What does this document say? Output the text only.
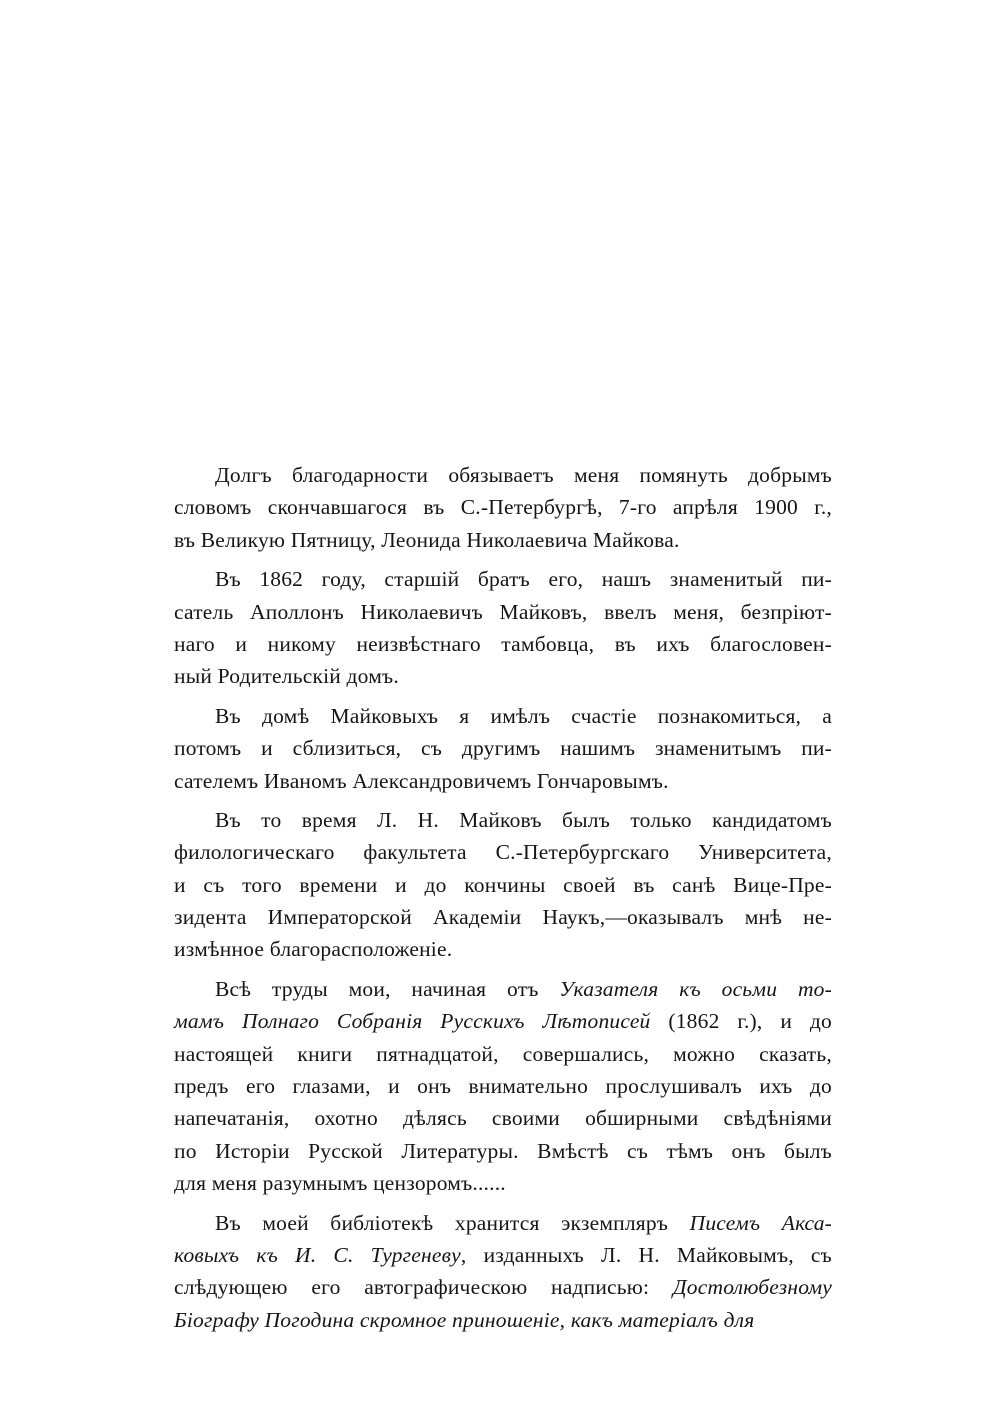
Долгъ благодарности обязываетъ меня помянуть добрымъ
словомъ скончавшагося въ С.-Петербургѣ, 7-го апрѣля 1900 г.,
въ Великую Пятницу, Леонида Николаевича Майкова.
Въ 1862 году, старшій братъ его, нашъ знаменитый пи-
сатель Аполлонъ Николаевичъ Майковъ, ввелъ меня, безпріют-
наго и никому неизвѣстнаго тамбовца, въ ихъ благословен-
ный Родительскій домъ.
Въ домѣ Майковыхъ я имѣлъ счастіе познакомиться, а
потомъ и сблизиться, съ другимъ нашимъ знаменитымъ пи-
сателемъ Иваномъ Александровичемъ Гончаровымъ.
Въ то время Л. Н. Майковъ былъ только кандидатомъ
филологическаго факультета С.-Петербургскаго Университета,
и съ того времени и до кончины своей въ санѣ Вице-Пре-
зидента Императорской Академіи Наукъ,—оказывалъ мнѣ не-
измѣнное благорасположеніе.
Всѣ труды мои, начиная отъ Указателя къ осьми то-
мамъ Полнаго Собранія Русскихъ Лѣтописей (1862 г.), и до
настоящей книги пятнадцатой, совершались, можно сказать,
предъ его глазами, и онъ внимательно прослушивалъ ихъ до
напечатанія, охотно дѣлясь своими обширными свѣдѣніями
по Исторіи Русской Литературы. Вмѣстѣ съ тѣмъ онъ былъ
для меня разумнымъ цензоромъ......
Въ моей библіотекѣ хранится экземпляръ Писемъ Акса-
ковыхъ къ И. С. Тургеневу, изданныхъ Л. Н. Майковымъ, съ
слѣдующею его автографическою надписью: Достолюбезному
Біографу Погодина скромное приношеніе, какъ матеріалъ для
